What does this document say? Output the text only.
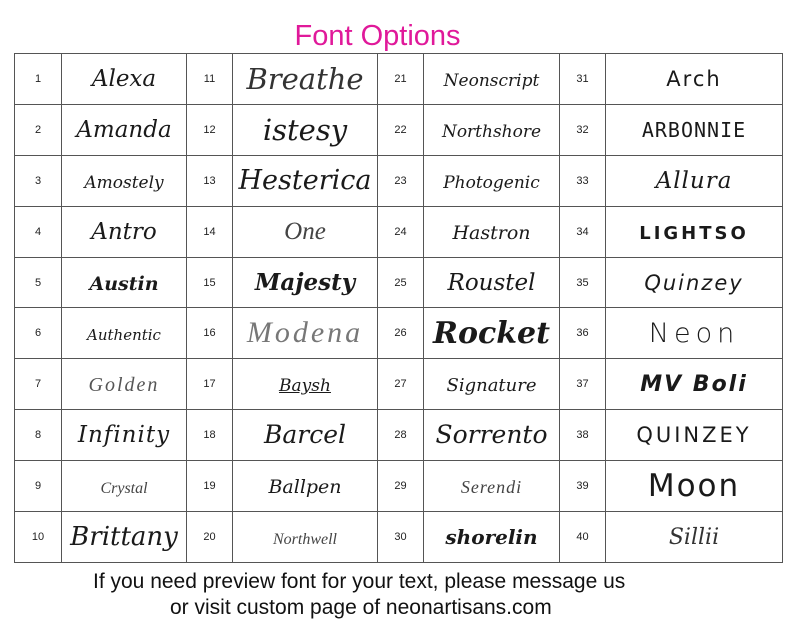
Font Options
1	Alexa	11	Breathe	21	Neonscript	31	Arch
2	Amanda	12	istesy	22	Northshore	32	ARBONNIE
3	Amostely	13	Hesterica	23	Photogenic	33	Allura
4	Antro	14	One	24	Hastron	34	LIGHTSO
5	Austin	15	Majesty	25	Roustel	35	Quinzey
6	Authentic	16	Modena	26	Rocket	36	Neon
7	Golden	17	Baysh	27	Signature	37	MV Boli
8	Infinity	18	Barcel	28	Sorrento	38	QUINZEY
9	Crystal	19	Ballpen	29	Serendi	39	Moon
10	Brittany	20	Northwell	30	shorelin	40	Sillii
If you need preview font for your text, please message us
or visit custom page of neonartisans.com
